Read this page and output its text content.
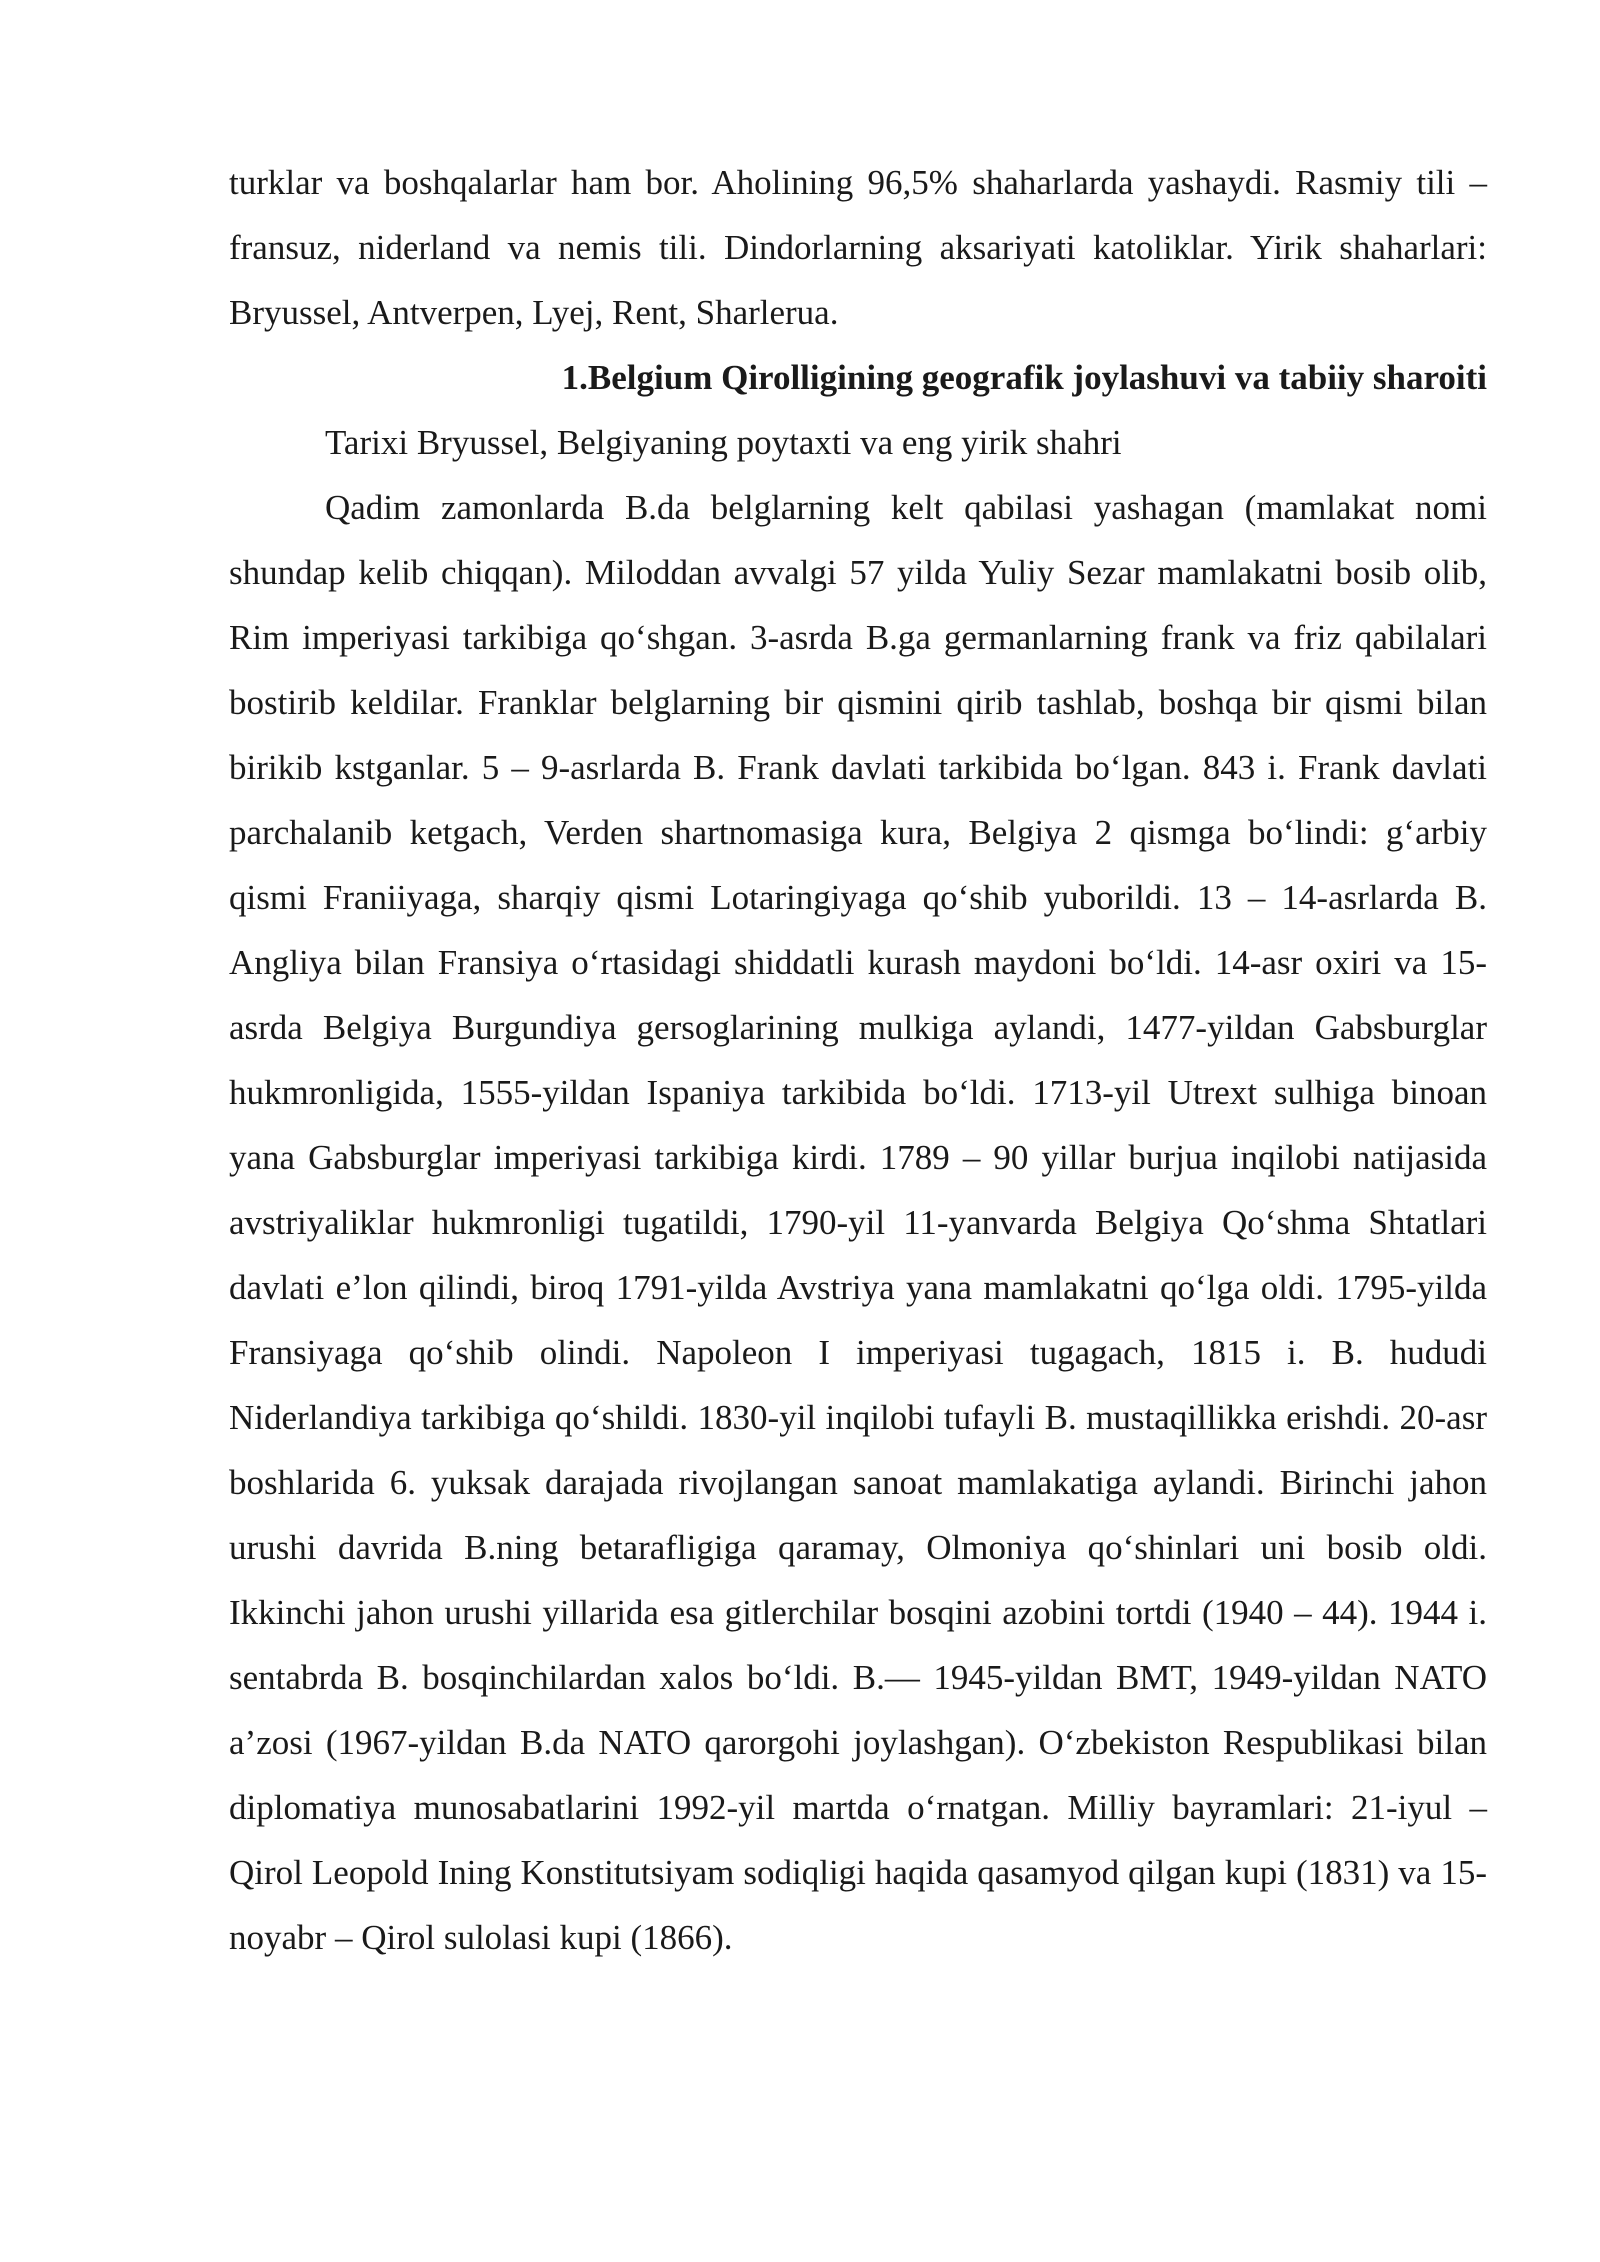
turklar va boshqalarlar ham bor. Aholining 96,5% shaharlarda yashaydi. Rasmiy tili – fransuz, niderland va nemis tili. Dindorlarning aksariyati katoliklar. Yirik shaharlari: Bryussel, Antverpen, Lyej, Rent, Sharlerua.

1.Belgium Qirolligining geografik joylashuvi va tabiiy sharoiti

Tarixi Bryussel, Belgiyaning poytaxti va eng yirik shahri

Qadim zamonlarda B.da belglarning kelt qabilasi yashagan (mamlakat nomi shundap kelib chiqqan). Miloddan avvalgi 57 yilda Yuliy Sezar mamlakatni bosib olib, Rim imperiyasi tarkibiga qo‘shgan. 3-asrda B.ga germanlarning frank va friz qabilalari bostirib keldilar. Franklar belglarning bir qismini qirib tashlab, boshqa bir qismi bilan birikib kstganlar. 5 – 9-asrlarda B. Frank davlati tarkibida bo‘lgan. 843 i. Frank davlati parchalanib ketgach, Verden shartnomasiga kura, Belgiya 2 qismga bo‘lindi: g‘arbiy qismi Franiiyaga, sharqiy qismi Lotaringiyaga qo‘shib yuborildi. 13 – 14-asrlarda B. Angliya bilan Fransiya o‘rtasidagi shiddatli kurash maydoni bo‘ldi. 14-asr oxiri va 15-asrda Belgiya Burgundiya gersoglarining mulkiga aylandi, 1477-yildan Gabsburglar hukmronligida, 1555-yildan Ispaniya tarkibida bo‘ldi. 1713-yil Utrext sulhiga binoan yana Gabsburglar imperiyasi tarkibiga kirdi. 1789 – 90 yillar burjua inqilobi natijasida avstriyaliklar hukmronligi tugatildi, 1790-yil 11-yanvarda Belgiya Qo‘shma Shtatlari davlati e’lon qilindi, biroq 1791-yilda Avstriya yana mamlakatni qo‘lga oldi. 1795-yilda Fransiyaga qo‘shib olindi. Napoleon I imperiyasi tugagach, 1815 i. B. hududi Niderlandiya tarkibiga qo‘shildi. 1830-yil inqilobi tufayli B. mustaqillikka erishdi. 20-asr boshlarida 6. yuksak darajada rivojlangan sanoat mamlakatiga aylandi. Birinchi jahon urushi davrida B.ning betarafligiga qaramay, Olmoniya qo‘shinlari uni bosib oldi. Ikkinchi jahon urushi yillarida esa gitlerchilar bosqini azobini tortdi (1940 – 44). 1944 i. sentabrda B. bosqinchilardan xalos bo‘ldi. B.— 1945-yildan BMT, 1949-yildan NATO a’zosi (1967-yildan B.da NATO qarorgohi joylashgan). O‘zbekiston Respublikasi bilan diplomatiya munosabatlarini 1992-yil martda o‘rnatgan. Milliy bayramlari: 21-iyul – Qirol Leopold Ining Konstitutsiyam sodiqligi haqida qasamyod qilgan kupi (1831) va 15-noyabr – Qirol sulolasi kupi (1866).
